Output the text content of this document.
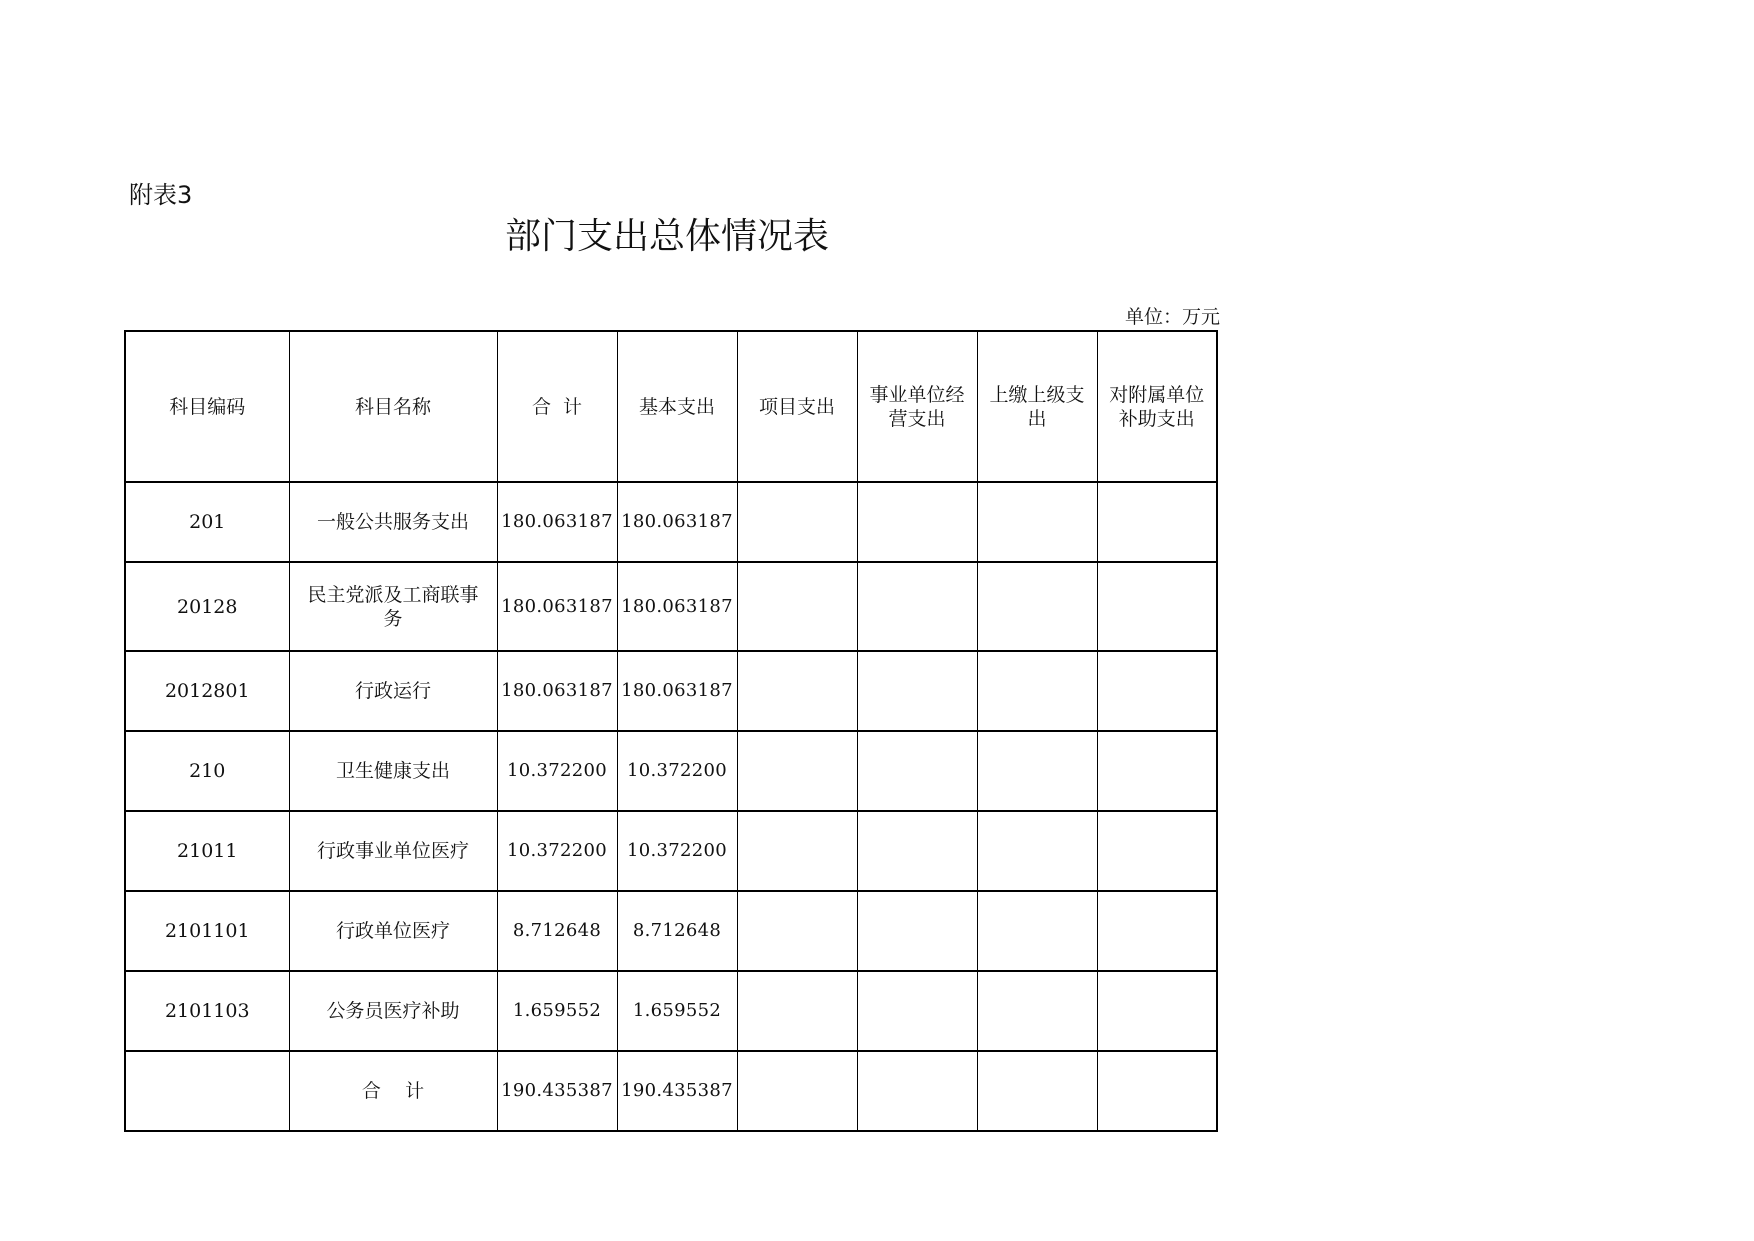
附表3
部门支出总体情况表
单位：万元
科目编码	科目名称	合  计	基本支出	项目支出	事业单位经营支出	上缴上级支出	对附属单位补助支出
201	一般公共服务支出	180.063187	180.063187				
20128	民主党派及工商联事务	180.063187	180.063187				
2012801	行政运行	180.063187	180.063187				
210	卫生健康支出	10.372200	10.372200				
21011	行政事业单位医疗	10.372200	10.372200				
2101101	行政单位医疗	8.712648	8.712648				
2101103	公务员医疗补助	1.659552	1.659552				
	合    计	190.435387	190.435387				
